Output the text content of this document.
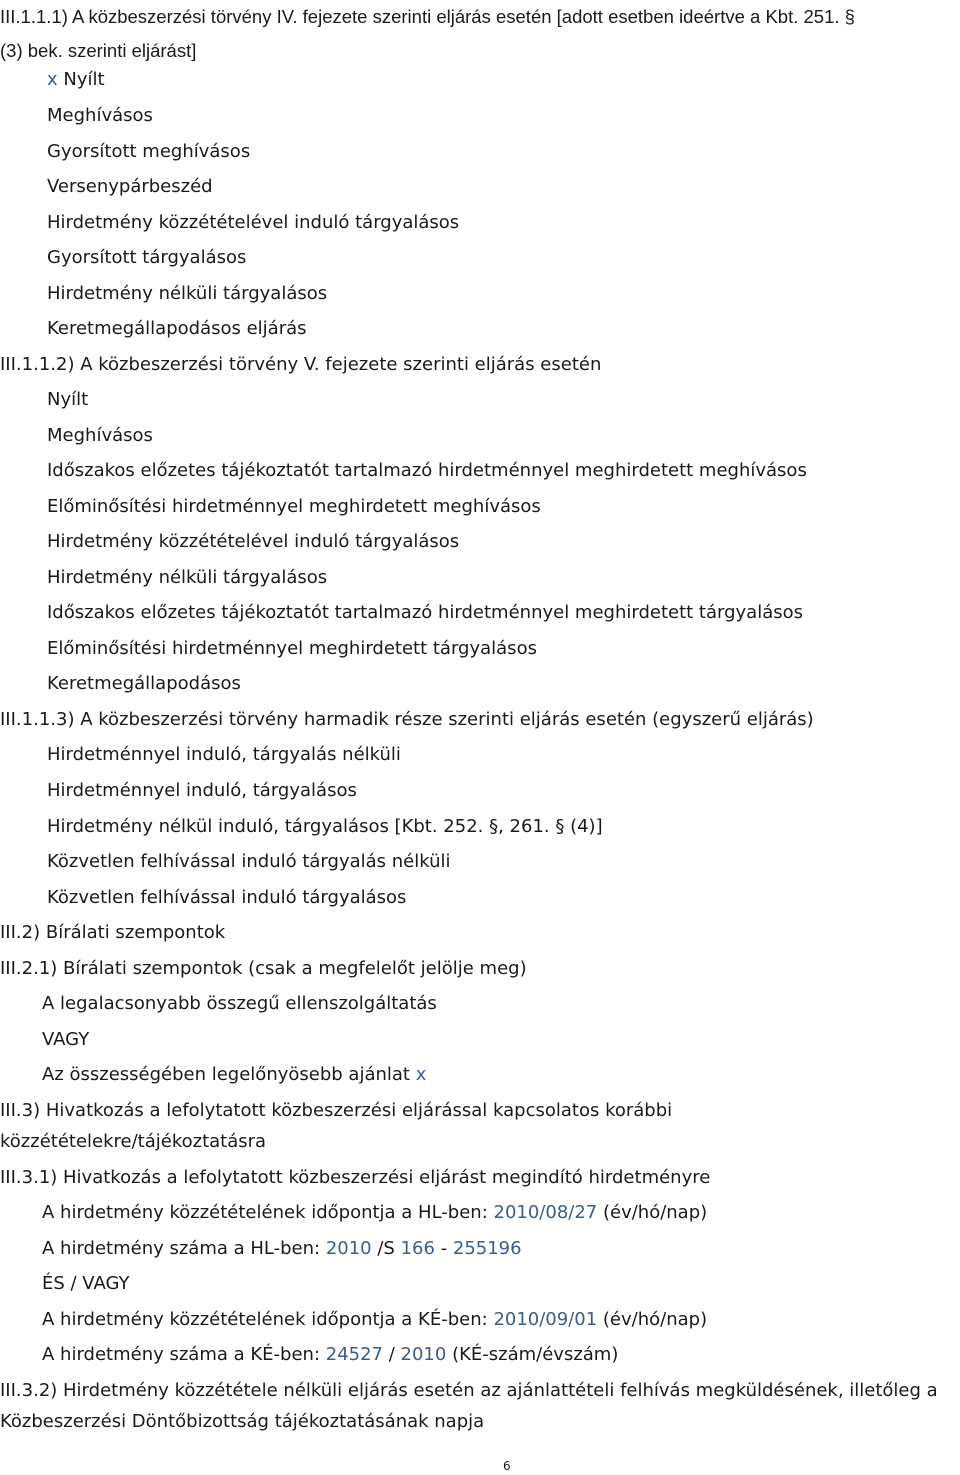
III.1.1.1) A közbeszerzési törvény IV. fejezete szerinti eljárás esetén [adott esetben ideértve a Kbt. 251. §
(3) bek. szerinti eljárást]
x Nyílt
Meghívásos
Gyorsított meghívásos
Versenypárbeszéd
Hirdetmény közzétételével induló tárgyalásos
Gyorsított tárgyalásos
Hirdetmény nélküli tárgyalásos
Keretmegállapodásos eljárás
III.1.1.2) A közbeszerzési törvény V. fejezete szerinti eljárás esetén
Nyílt
Meghívásos
Időszakos előzetes tájékoztatót tartalmazó hirdetménnyel meghirdetett meghívásos
Előminősítési hirdetménnyel meghirdetett meghívásos
Hirdetmény közzétételével induló tárgyalásos
Hirdetmény nélküli tárgyalásos
Időszakos előzetes tájékoztatót tartalmazó hirdetménnyel meghirdetett tárgyalásos
Előminősítési hirdetménnyel meghirdetett tárgyalásos
Keretmegállapodásos
III.1.1.3) A közbeszerzési törvény harmadik része szerinti eljárás esetén (egyszerű eljárás)
Hirdetménnyel induló, tárgyalás nélküli
Hirdetménnyel induló, tárgyalásos
Hirdetmény nélkül induló, tárgyalásos [Kbt. 252. §, 261. § (4)]
Közvetlen felhívással induló tárgyalás nélküli
Közvetlen felhívással induló tárgyalásos
III.2) Bírálati szempontok
III.2.1) Bírálati szempontok (csak a megfelelőt jelölje meg)
A legalacsonyabb összegű ellenszolgáltatás
VAGY
Az összességében legelőnyösebb ajánlat x
III.3) Hivatkozás a lefolytatott közbeszerzési eljárással kapcsolatos korábbi
közzétételekre/tájékoztatásra
III.3.1) Hivatkozás a lefolytatott közbeszerzési eljárást megindító hirdetményre
A hirdetmény közzétételének időpontja a HL-ben: 2010/08/27 (év/hó/nap)
A hirdetmény száma a HL-ben: 2010 /S 166 - 255196
ÉS / VAGY
A hirdetmény közzétételének időpontja a KÉ-ben: 2010/09/01 (év/hó/nap)
A hirdetmény száma a KÉ-ben: 24527 / 2010 (KÉ-szám/évszám)
III.3.2) Hirdetmény közzététele nélküli eljárás esetén az ajánlattételi felhívás megküldésének, illetőleg a
Közbeszerzési Döntőbizottság tájékoztatásának napja
6
